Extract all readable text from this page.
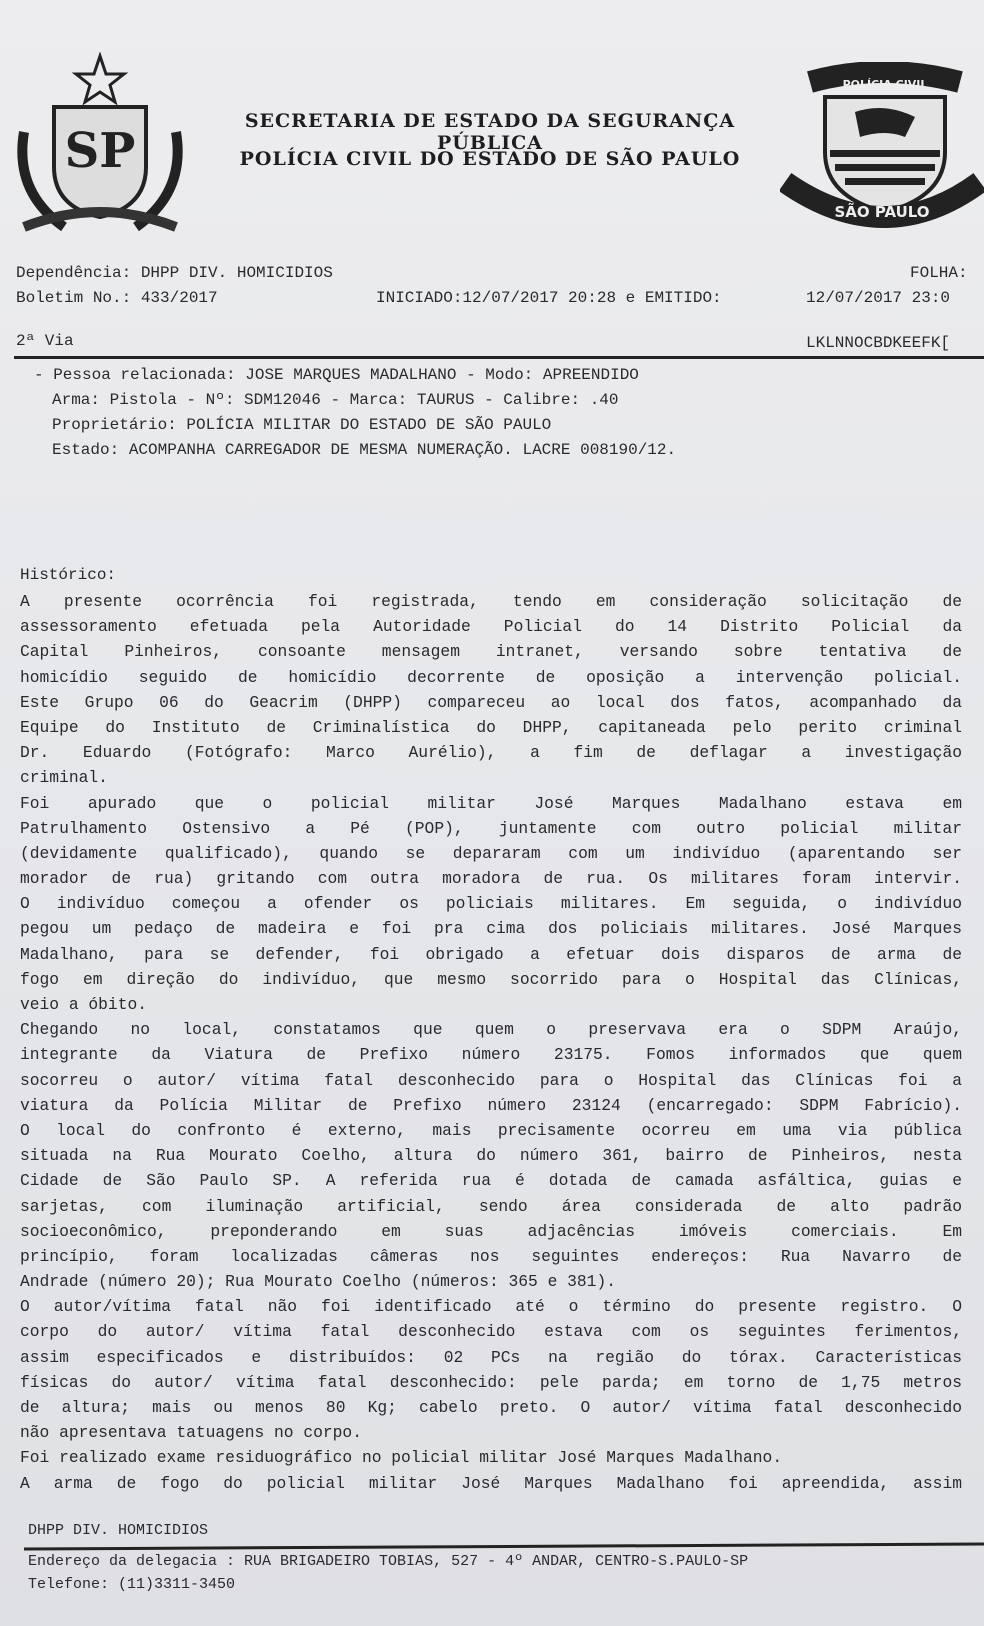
SP
SECRETARIA DE ESTADO DA SEGURANÇA PÚBLICA
POLÍCIA CIVIL DO ESTADO DE SÃO PAULO
POLÍCIA CIVIL
SÃO PAULO
Dependência: DHPP DIV. HOMICIDIOS	FOLHA:
Boletim No.: 433/2017	INICIADO:12/07/2017 20:28 e EMITIDO:	12/07/2017 23:0
2ª Via	LKLNNOCBDKEEFK[
- Pessoa relacionada: JOSE MARQUES MADALHANO - Modo: APREENDIDO
Arma: Pistola - Nº: SDM12046 - Marca: TAURUS - Calibre: .40
Proprietário: POLÍCIA MILITAR DO ESTADO DE SÃO PAULO
Estado: ACOMPANHA CARREGADOR DE MESMA NUMERAÇÃO. LACRE 008190/12.
Histórico:
A presente ocorrência foi registrada, tendo em consideração solicitação de
assessoramento efetuada pela Autoridade Policial do 14 Distrito Policial da
Capital Pinheiros, consoante mensagem intranet, versando sobre tentativa de
homicídio seguido de homicídio decorrente de oposição a intervenção policial.
Este Grupo 06 do Geacrim (DHPP) compareceu ao local dos fatos, acompanhado da
Equipe do Instituto de Criminalística do DHPP, capitaneada pelo perito criminal
Dr. Eduardo (Fotógrafo: Marco Aurélio), a fim de deflagar a investigação
criminal.
Foi apurado que o policial militar José Marques Madalhano estava em
Patrulhamento Ostensivo a Pé (POP), juntamente com outro policial militar
(devidamente qualificado), quando se depararam com um indivíduo (aparentando ser
morador de rua) gritando com outra moradora de rua. Os militares foram intervir.
O indivíduo começou a ofender os policiais militares. Em seguida, o indivíduo
pegou um pedaço de madeira e foi pra cima dos policiais militares. José Marques
Madalhano, para se defender, foi obrigado a efetuar dois disparos de arma de
fogo em direção do indivíduo, que mesmo socorrido para o Hospital das Clínicas,
veio a óbito.
Chegando no local, constatamos que quem o preservava era o SDPM Araújo,
integrante da Viatura de Prefixo número 23175. Fomos informados que quem
socorreu o autor/ vítima fatal desconhecido para o Hospital das Clínicas foi a
viatura da Polícia Militar de Prefixo número 23124 (encarregado: SDPM Fabrício).
O local do confronto é externo, mais precisamente ocorreu em uma via pública
situada na Rua Mourato Coelho, altura do número 361, bairro de Pinheiros, nesta
Cidade de São Paulo SP. A referida rua é dotada de camada asfáltica, guias e
sarjetas, com iluminação artificial, sendo área considerada de alto padrão
socioeconômico, preponderando em suas adjacências imóveis comerciais. Em
princípio, foram localizadas câmeras nos seguintes endereços: Rua Navarro de
Andrade (número 20); Rua Mourato Coelho (números: 365 e 381).
O autor/vítima fatal não foi identificado até o término do presente registro. O
corpo do autor/ vítima fatal desconhecido estava com os seguintes ferimentos,
assim especificados e distribuídos: 02 PCs na região do tórax. Características
físicas do autor/ vítima fatal desconhecido: pele parda; em torno de 1,75 metros
de altura; mais ou menos 80 Kg; cabelo preto. O autor/ vítima fatal desconhecido
não apresentava tatuagens no corpo.
Foi realizado exame residuográfico no policial militar José Marques Madalhano.
A arma de fogo do policial militar José Marques Madalhano foi apreendida, assim
DHPP DIV. HOMICIDIOS
Endereço da delegacia : RUA BRIGADEIRO TOBIAS, 527 - 4º ANDAR, CENTRO-S.PAULO-SP
Telefone: (11)3311-3450
